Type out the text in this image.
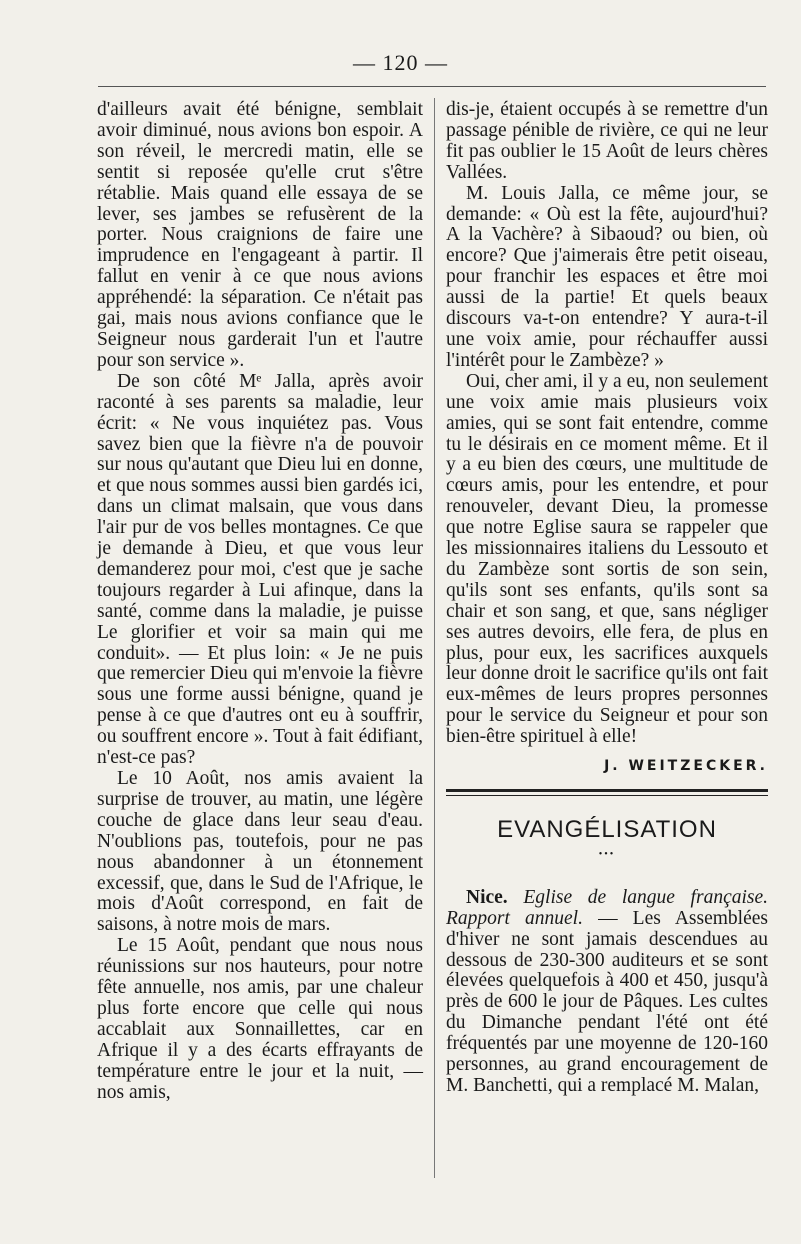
— 120 —

d'ailleurs avait été bénigne, semblait avoir diminué, nous avions bon espoir. A son réveil, le mercredi matin, elle se sentit si reposée qu'elle crut s'être rétablie. Mais quand elle essaya de se lever, ses jambes se refusèrent de la porter. Nous craignions de faire une imprudence en l'engageant à partir. Il fallut en venir à ce que nous avions appréhendé: la séparation. Ce n'était pas gai, mais nous avions confiance que le Seigneur nous garderait l'un et l'autre pour son service ».

De son côté Mᵉ Jalla, après avoir raconté à ses parents sa maladie, leur écrit: « Ne vous inquiétez pas. Vous savez bien que la fièvre n'a de pouvoir sur nous qu'autant que Dieu lui en donne, et que nous sommes aussi bien gardés ici, dans un climat malsain, que vous dans l'air pur de vos belles montagnes. Ce que je demande à Dieu, et que vous leur demanderez pour moi, c'est que je sache toujours regarder à Lui afinque, dans la santé, comme dans la maladie, je puisse Le glorifier et voir sa main qui me conduit». — Et plus loin: « Je ne puis que remercier Dieu qui m'envoie la fièvre sous une forme aussi bénigne, quand je pense à ce que d'autres ont eu à souffrir, ou souffrent encore ». Tout à fait édifiant, n'est-ce pas?

Le 10 Août, nos amis avaient la surprise de trouver, au matin, une légère couche de glace dans leur seau d'eau. N'oublions pas, toutefois, pour ne pas nous abandonner à un étonnement excessif, que, dans le Sud de l'Afrique, le mois d'Août correspond, en fait de saisons, à notre mois de mars.

Le 15 Août, pendant que nous nous réunissions sur nos hauteurs, pour notre fête annuelle, nos amis, par une chaleur plus forte encore que celle qui nous accablait aux Sonnaillettes, car en Afrique il y a des écarts effrayants de température entre le jour et la nuit, — nos amis,

dis-je, étaient occupés à se remettre d'un passage pénible de rivière, ce qui ne leur fit pas oublier le 15 Août de leurs chères Vallées.

M. Louis Jalla, ce même jour, se demande: « Où est la fête, aujourd'hui? A la Vachère? à Sibaoud? ou bien, où encore? Que j'aimerais être petit oiseau, pour franchir les espaces et être moi aussi de la partie! Et quels beaux discours va-t-on entendre? Y aura-t-il une voix amie, pour réchauffer aussi l'intérêt pour le Zambèze? »

Oui, cher ami, il y a eu, non seulement une voix amie mais plusieurs voix amies, qui se sont fait entendre, comme tu le désirais en ce moment même. Et il y a eu bien des cœurs, une multitude de cœurs amis, pour les entendre, et pour renouveler, devant Dieu, la promesse que notre Eglise saura se rappeler que les missionnaires italiens du Lessouto et du Zambèze sont sortis de son sein, qu'ils sont ses enfants, qu'ils sont sa chair et son sang, et que, sans négliger ses autres devoirs, elle fera, de plus en plus, pour eux, les sacrifices auxquels leur donne droit le sacrifice qu'ils ont fait eux-mêmes de leurs propres personnes pour le service du Seigneur et pour son bien-être spirituel à elle!

J. WEITZECKER.
EVANGÉLISATION
•••

Nice. Eglise de langue française. Rapport annuel. — Les Assemblées d'hiver ne sont jamais descendues au dessous de 230-300 auditeurs et se sont élevées quelquefois à 400 et 450, jusqu'à près de 600 le jour de Pâques. Les cultes du Dimanche pendant l'été ont été fréquentés par une moyenne de 120-160 personnes, au grand encouragement de M. Banchetti, qui a remplacé M. Malan,
